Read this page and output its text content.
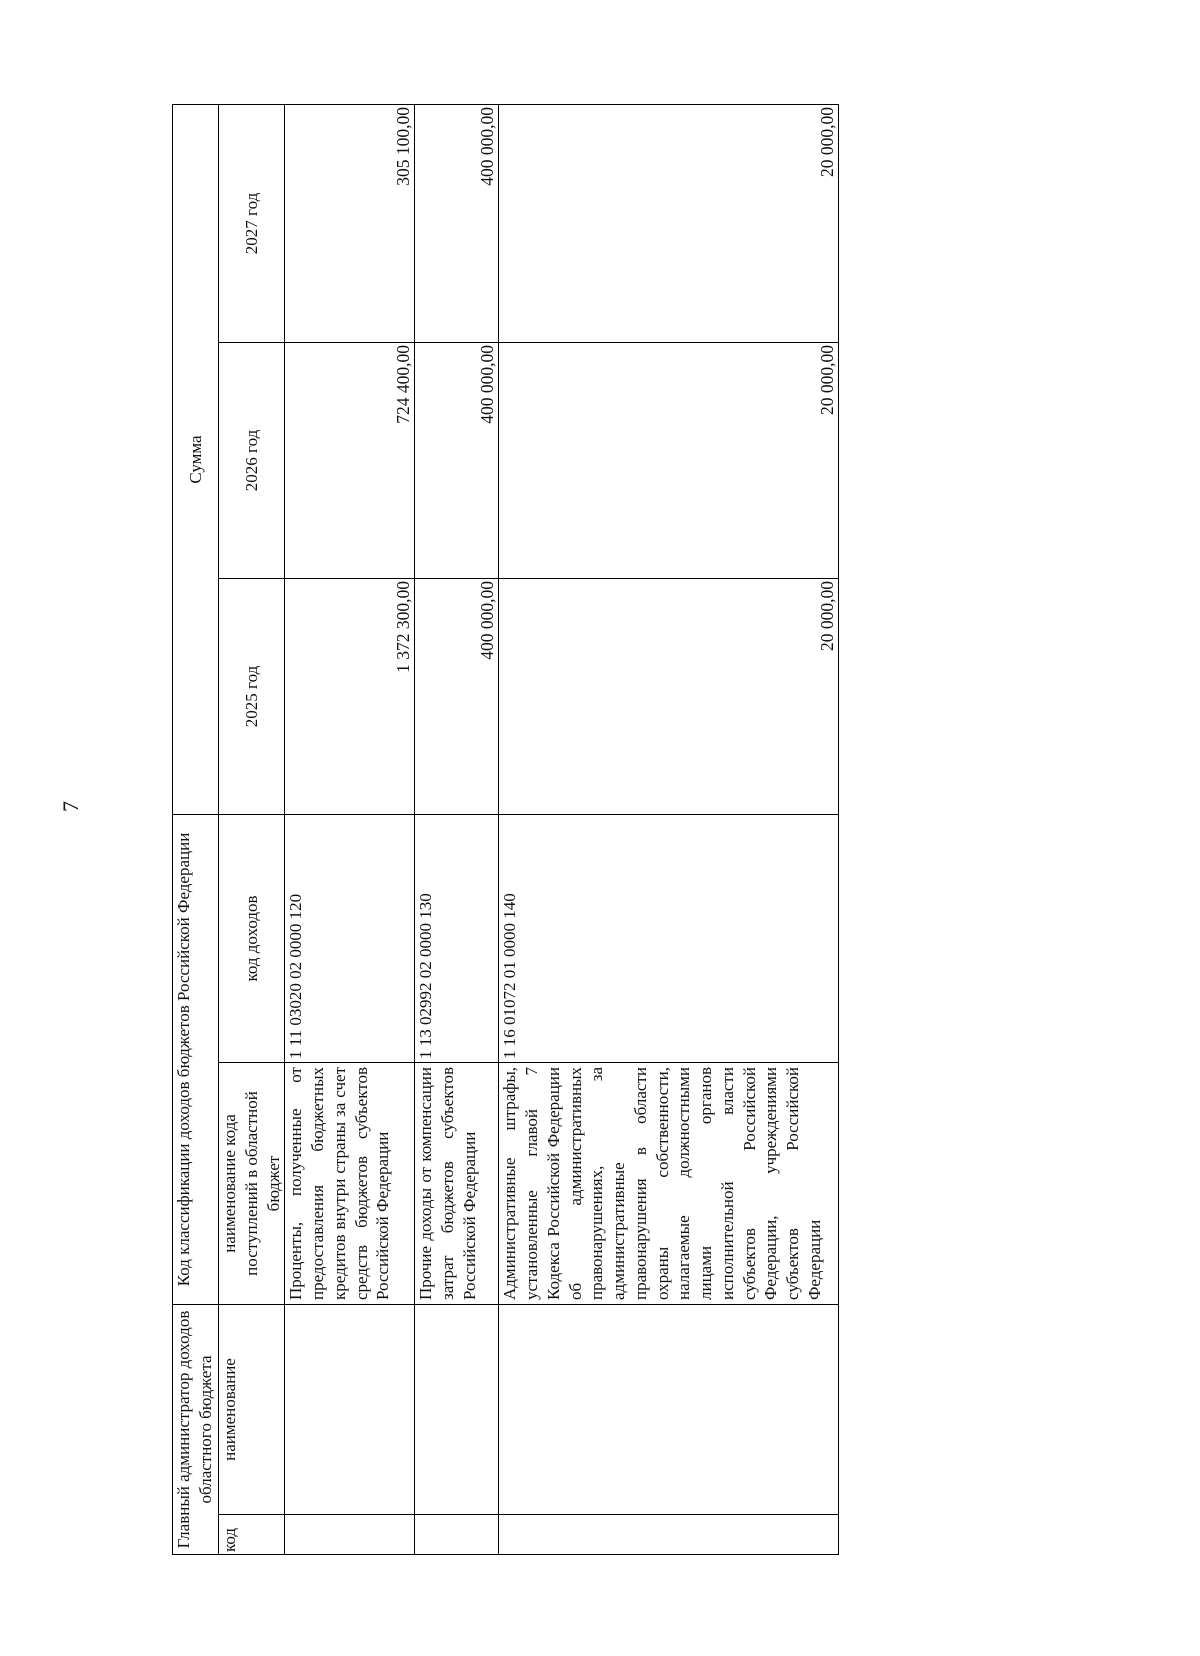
7
Главный администратор доходов областного бюджета		Код классификации доходов бюджетов Российской Федерации		Сумма		
код	наименование	наименование кода поступлений в областной бюджет	код доходов	2025 год	2026 год	2027 год
		Проценты, полученные от предоставления бюджетных кредитов внутри страны за счет средств бюджетов субъектов Российской Федерации	1 11 03020 02 0000 120	1 372 300,00	724 400,00	305 100,00
		Прочие доходы от компенсации затрат бюджетов субъектов Российской Федерации	1 13 02992 02 0000 130	400 000,00	400 000,00	400 000,00
		Административные штрафы, установленные главой 7 Кодекса Российской Федерации об административных правонарушениях, за административные правонарушения в области охраны собственности, налагаемые должностными лицами органов исполнительной власти субъектов Российской Федерации, учреждениями субъектов Российской Федерации	1 16 01072 01 0000 140	20 000,00	20 000,00	20 000,00
